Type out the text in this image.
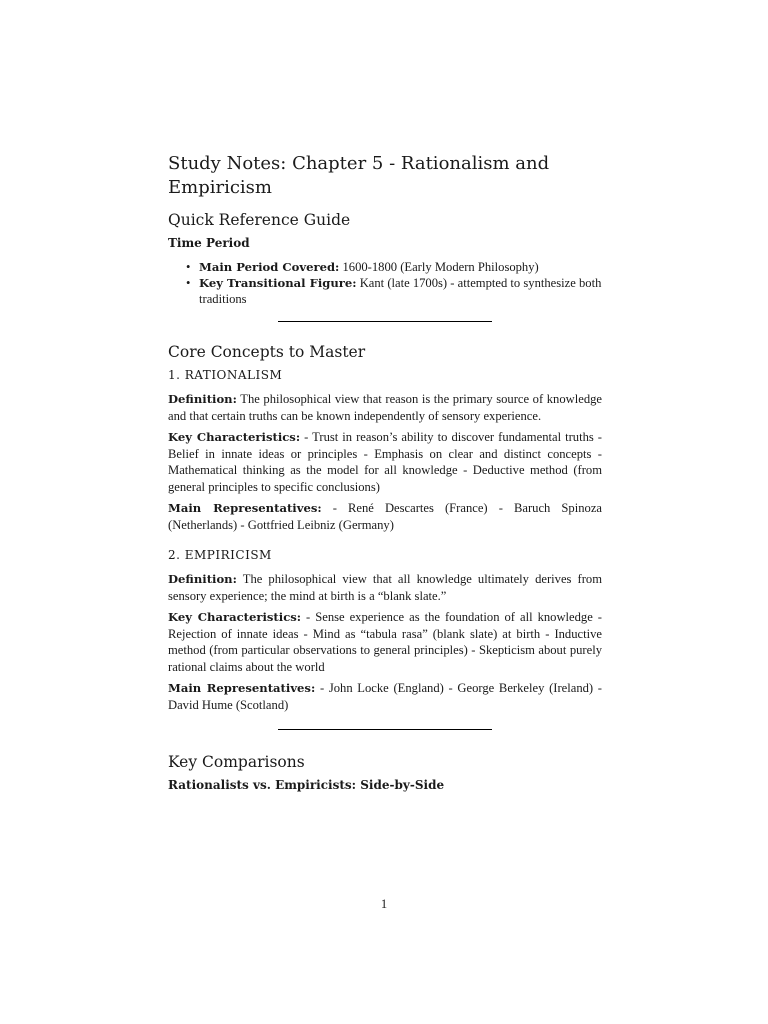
Study Notes: Chapter 5 - Rationalism and Empiricism
Quick Reference Guide
Time Period
• Main Period Covered: 1600-1800 (Early Modern Philosophy)
• Key Transitional Figure: Kant (late 1700s) - attempted to synthesize both traditions
Core Concepts to Master
1. RATIONALISM

Definition: The philosophical view that reason is the primary source of knowledge and that certain truths can be known independently of sensory experience.

Key Characteristics: - Trust in reason’s ability to discover fundamental truths - Belief in innate ideas or principles - Emphasis on clear and distinct concepts - Mathematical thinking as the model for all knowledge - Deductive method (from general principles to specific conclusions)

Main Representatives: - René Descartes (France) - Baruch Spinoza (Netherlands) - Gottfried Leibniz (Germany)

2. EMPIRICISM

Definition: The philosophical view that all knowledge ultimately derives from sensory experience; the mind at birth is a “blank slate.”

Key Characteristics: - Sense experience as the foundation of all knowledge - Rejection of innate ideas - Mind as “tabula rasa” (blank slate) at birth - Inductive method (from particular observations to general principles) - Skepticism about purely rational claims about the world

Main Representatives: - John Locke (England) - George Berkeley (Ireland) - David Hume (Scotland)

Key Comparisons
Rationalists vs. Empiricists: Side-by-Side
1
